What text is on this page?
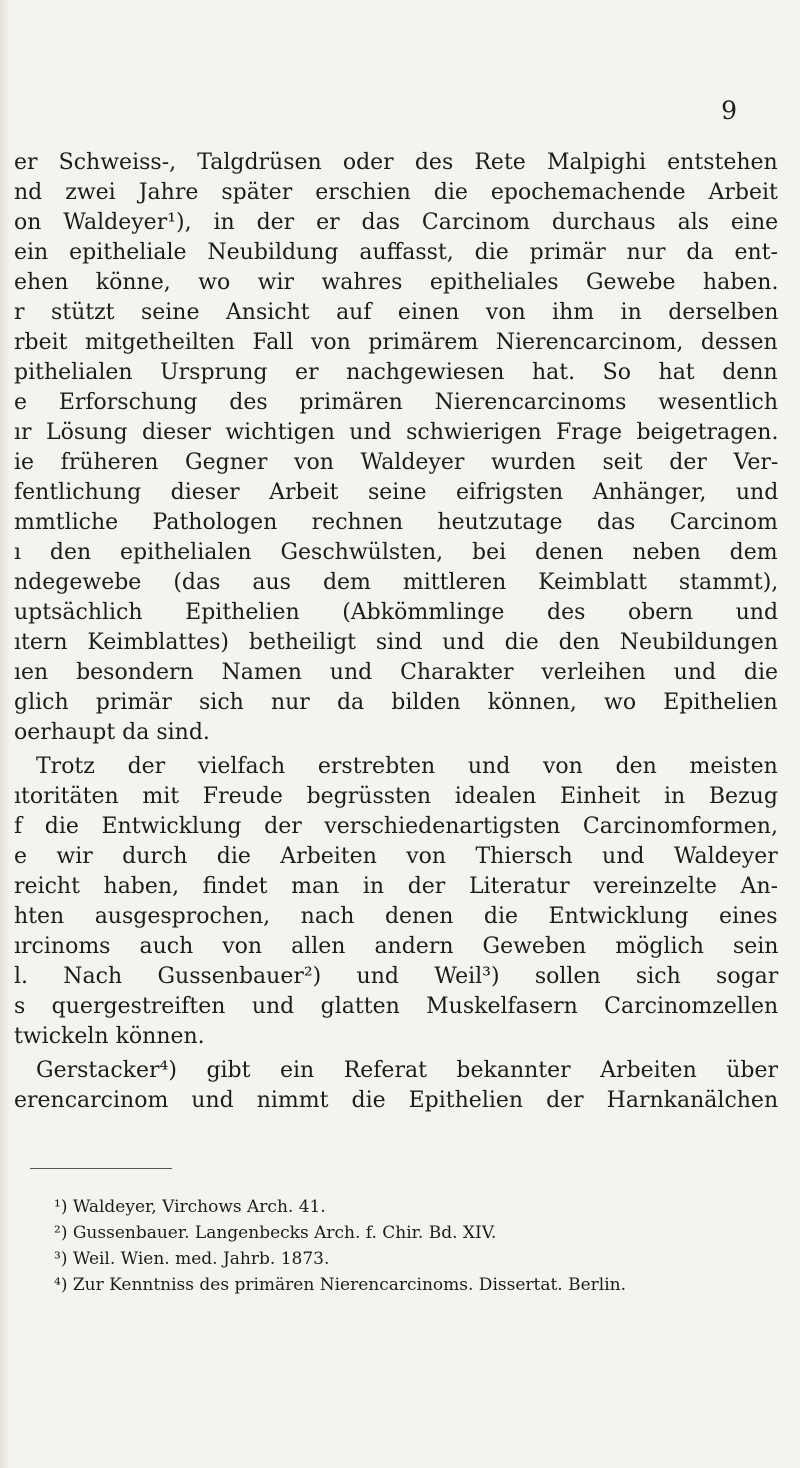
9
er Schweiss-, Talgdrüsen oder des Rete Malpighi entstehen
nd zwei Jahre später erschien die epochemachende Arbeit
on Waldeyer¹), in der er das Carcinom durchaus als eine
ein epitheliale Neubildung auffasst, die primär nur da ent-
ehen könne, wo wir wahres epitheliales Gewebe haben.
r stützt seine Ansicht auf einen von ihm in derselben
rbeit mitgetheilten Fall von primärem Nierencarcinom, dessen
pithelialen Ursprung er nachgewiesen hat. So hat denn
e Erforschung des primären Nierencarcinoms wesentlich
ır Lösung dieser wichtigen und schwierigen Frage beigetragen.
ie früheren Gegner von Waldeyer wurden seit der Ver-
fentlichung dieser Arbeit seine eifrigsten Anhänger, und
mmtliche Pathologen rechnen heutzutage das Carcinom
ı den epithelialen Geschwülsten, bei denen neben dem
ndegewebe (das aus dem mittleren Keimblatt stammt),
uptsächlich Epithelien (Abkömmlinge des obern und
ıtern Keimblattes) betheiligt sind und die den Neubildungen
ıen besondern Namen und Charakter verleihen und die
glich primär sich nur da bilden können, wo Epithelien
oerhaupt da sind.
Trotz der vielfach erstrebten und von den meisten
ıtoritäten mit Freude begrüssten idealen Einheit in Bezug
f die Entwicklung der verschiedenartigsten Carcinomformen,
e wir durch die Arbeiten von Thiersch und Waldeyer
reicht haben, findet man in der Literatur vereinzelte An-
hten ausgesprochen, nach denen die Entwicklung eines
ırcinoms auch von allen andern Geweben möglich sein
l. Nach Gussenbauer²) und Weil³) sollen sich sogar
s quergestreiften und glatten Muskelfasern Carcinomzellen
twickeln können.
Gerstacker⁴) gibt ein Referat bekannter Arbeiten über
erencarcinom und nimmt die Epithelien der Harnkanälchen
¹) Waldeyer, Virchows Arch. 41.
²) Gussenbauer. Langenbecks Arch. f. Chir. Bd. XIV.
³) Weil. Wien. med. Jahrb. 1873.
⁴) Zur Kenntniss des primären Nierencarcinoms. Dissertat. Berlin.
